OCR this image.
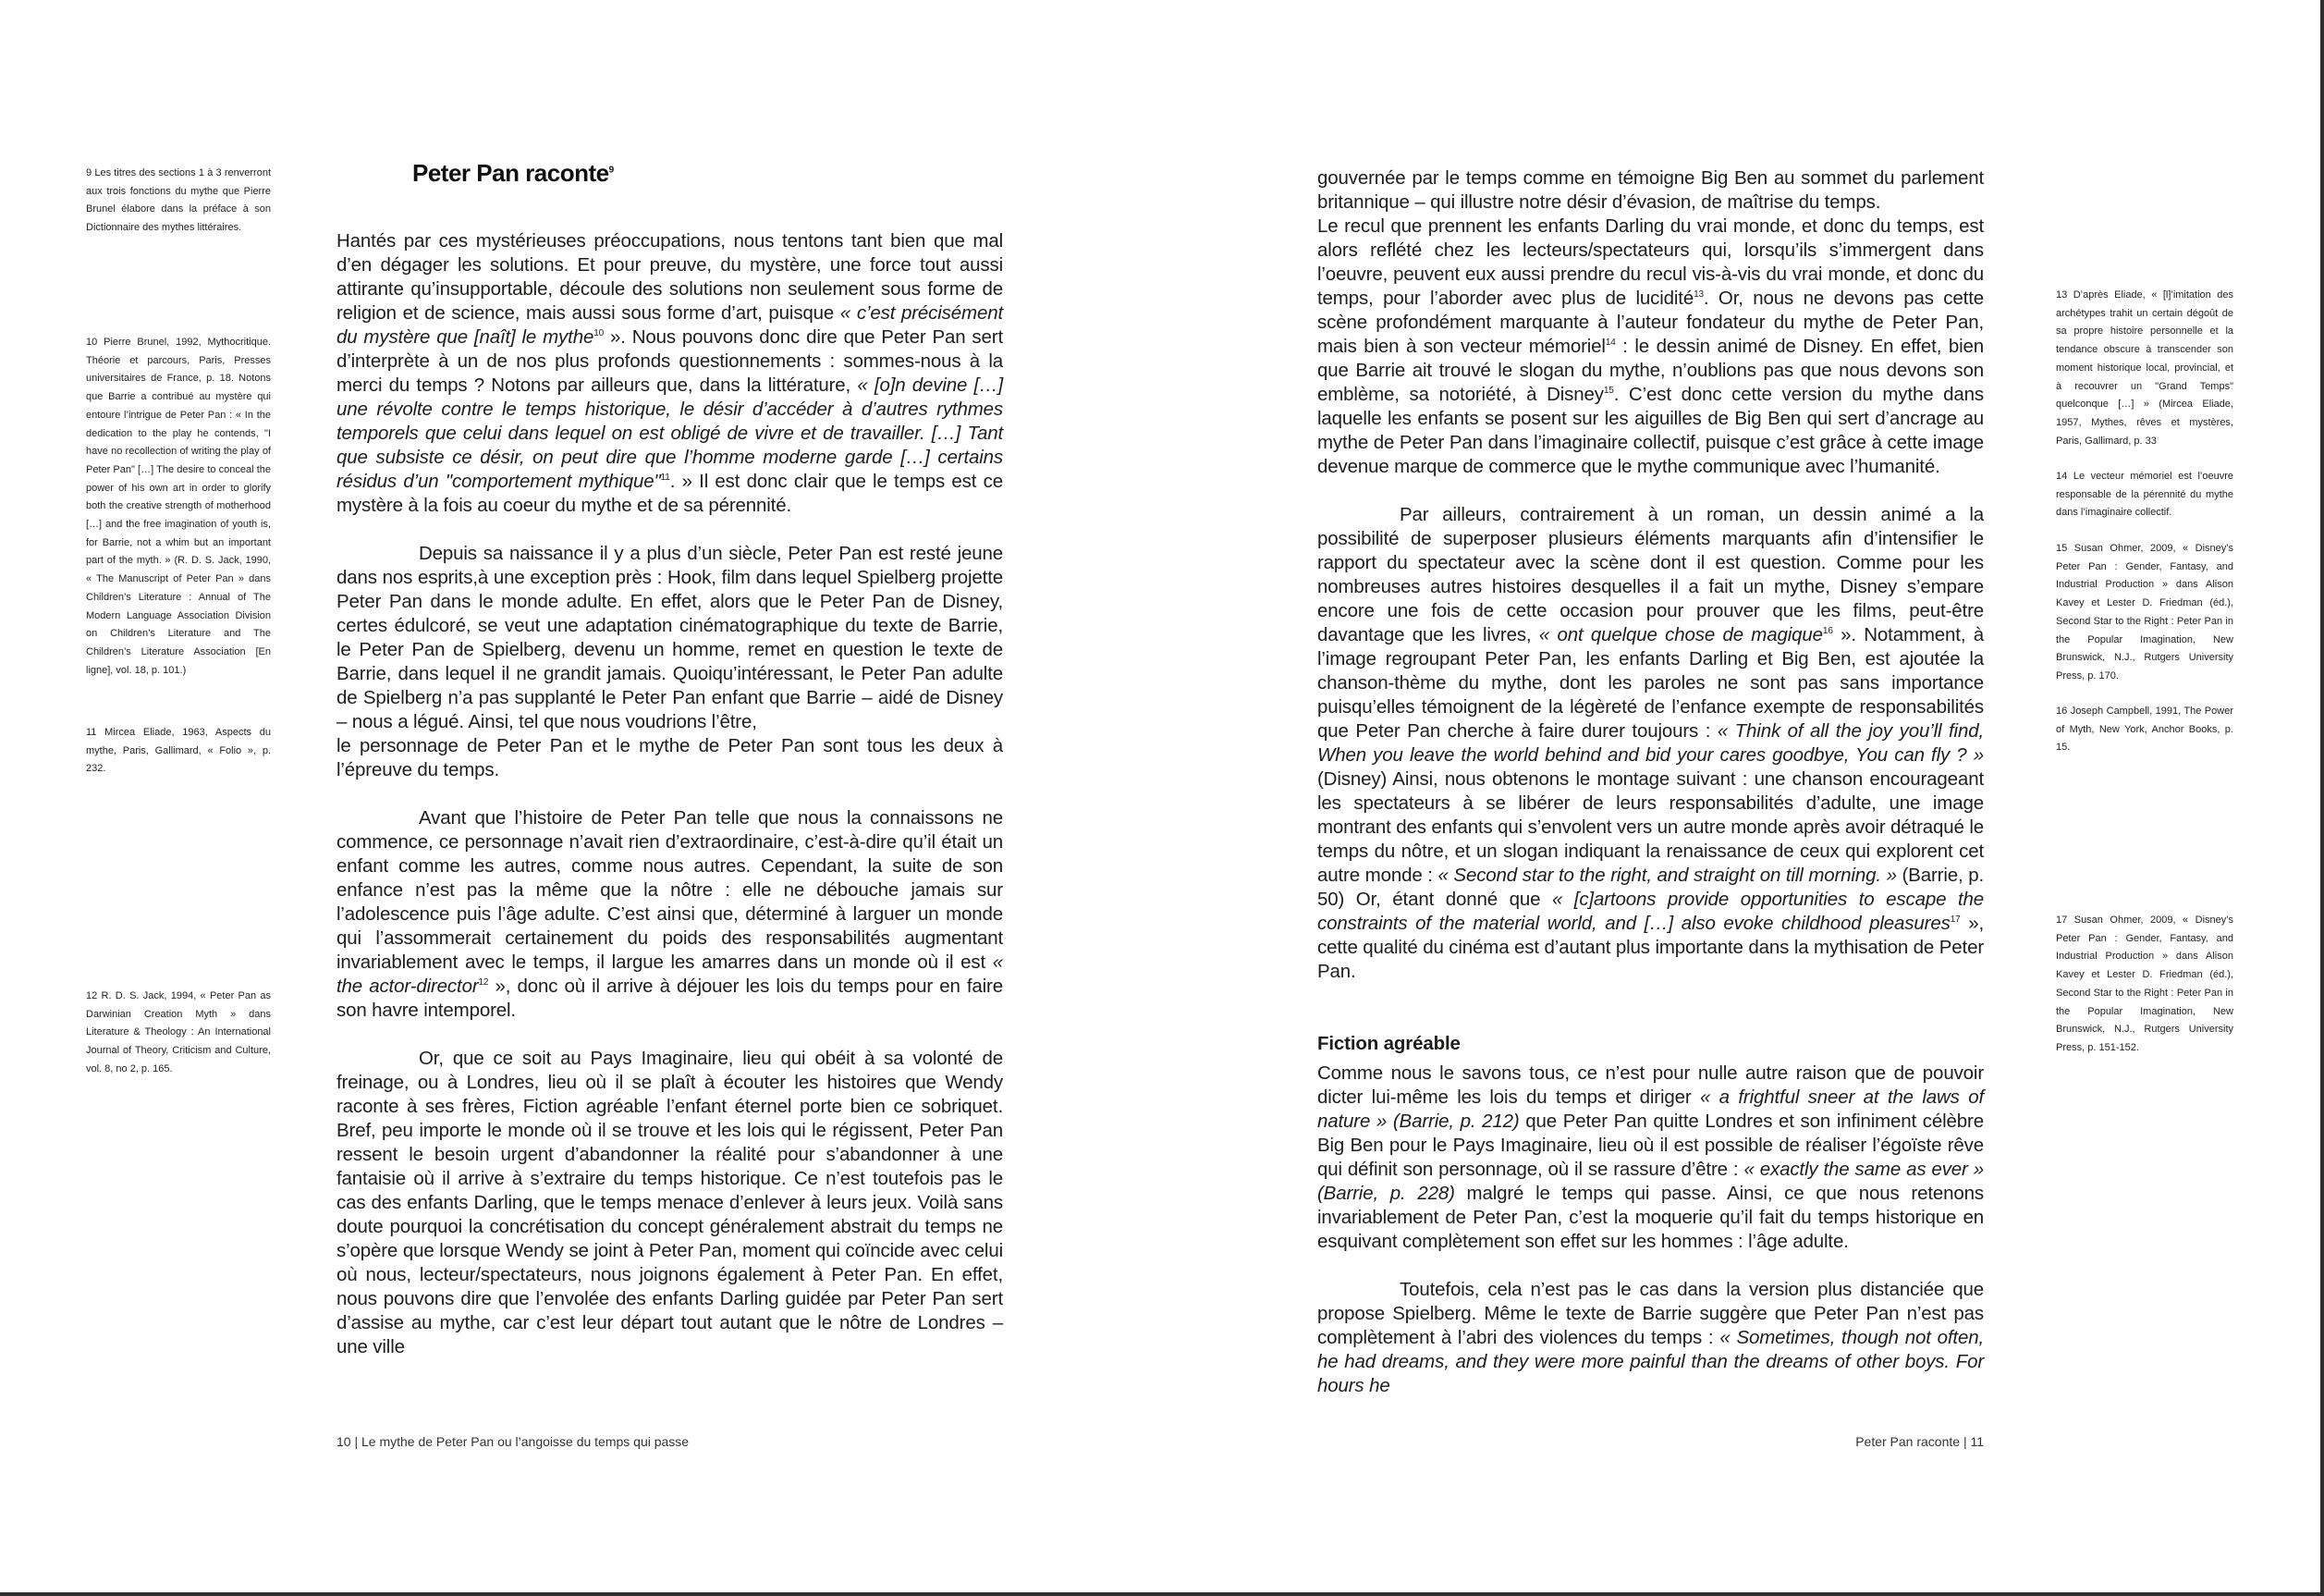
9 Les titres des sections 1 à 3 renverront aux trois fonctions du mythe que Pierre Brunel élabore dans la préface à son Dictionnaire des mythes littéraires.

10 Pierre Brunel, 1992, Mythocritique. Théorie et parcours, Paris, Presses universitaires de France, p. 18. Notons que Barrie a contribué au mystère qui entoure l’intrigue de Peter Pan : « In the dedication to the play he contends, "I have no recollection of writing the play of Peter Pan" […] The desire to conceal the power of his own art in order to glorify both the creative strength of motherhood […] and the free imagination of youth is, for Barrie, not a whim but an important part of the myth. » (R. D. S. Jack, 1990, « The Manuscript of Peter Pan » dans Children’s Literature : Annual of The Modern Language Association Division on Children’s Literature and The Children’s Literature Association [En ligne], vol. 18, p. 101.)

11 Mircea Eliade, 1963, Aspects du mythe, Paris, Gallimard, « Folio », p. 232.

12 R. D. S. Jack, 1994, « Peter Pan as Darwinian Creation Myth » dans Literature & Theology : An International Journal of Theory, Criticism and Culture, vol. 8, no 2, p. 165.

Peter Pan raconte$^9$

Hantés par ces mystérieuses préoccupations, nous tentons tant bien que mal d’en dégager les solutions. Et pour preuve, du mystère, une force tout aussi attirante qu’insupportable, découle des solutions non seulement sous forme de religion et de science, mais aussi sous forme d’art, puisque « c’est précisément du mystère que [naît] le mythe$^{10}$ ». Nous pouvons donc dire que Peter Pan sert d’interprète à un de nos plus profonds questionnements : sommes-nous à la merci du temps ? Notons par ailleurs que, dans la littérature, « [o]n devine […] une révolte contre le temps historique, le désir d’accéder à d’autres rythmes temporels que celui dans lequel on est obligé de vivre et de travailler. […] Tant que subsiste ce désir, on peut dire que l’homme moderne garde […] certains résidus d’un "comportement mythique"$^{11}$. » Il est donc clair que le temps est ce mystère à la fois au coeur du mythe et de sa pérennité.

Depuis sa naissance il y a plus d’un siècle, Peter Pan est resté jeune dans nos esprits,à une exception près : Hook, film dans lequel Spielberg projette Peter Pan dans le monde adulte. En effet, alors que le Peter Pan de Disney, certes édulcoré, se veut une adaptation cinématographique du texte de Barrie, le Peter Pan de Spielberg, devenu un homme, remet en question le texte de Barrie, dans lequel il ne grandit jamais. Quoiqu’intéressant, le Peter Pan adulte de Spielberg n’a pas supplanté le Peter Pan enfant que Barrie – aidé de Disney – nous a légué. Ainsi, tel que nous voudrions l’être,

le personnage de Peter Pan et le mythe de Peter Pan sont tous les deux à l’épreuve du temps.

Avant que l’histoire de Peter Pan telle que nous la connaissons ne commence, ce personnage n’avait rien d’extraordinaire, c’est-à-dire qu’il était un enfant comme les autres, comme nous autres. Cependant, la suite de son enfance n’est pas la même que la nôtre : elle ne débouche jamais sur l’adolescence puis l’âge adulte. C’est ainsi que, déterminé à larguer un monde qui l’assommerait certainement du poids des responsabilités augmentant invariablement avec le temps, il largue les amarres dans un monde où il est « the actor-director$^{12}$ », donc où il arrive à déjouer les lois du temps pour en faire son havre intemporel.

Or, que ce soit au Pays Imaginaire, lieu qui obéit à sa volonté de freinage, ou à Londres, lieu où il se plaît à écouter les histoires que Wendy raconte à ses frères, Fiction agréable l’enfant éternel porte bien ce sobriquet. Bref, peu importe le monde où il se trouve et les lois qui le régissent, Peter Pan ressent le besoin urgent d’abandonner la réalité pour s’abandonner à une fantaisie où il arrive à s’extraire du temps historique. Ce n’est toutefois pas le cas des enfants Darling, que le temps menace d’enlever à leurs jeux. Voilà sans doute pourquoi la concrétisation du concept généralement abstrait du temps ne s’opère que lorsque Wendy se joint à Peter Pan, moment qui coïncide avec celui où nous, lecteur/spectateurs, nous joignons également à Peter Pan. En effet, nous pouvons dire que l’envolée des enfants Darling guidée par Peter Pan sert d’assise au mythe, car c’est leur départ tout autant que le nôtre de Londres – une ville

10 | Le mythe de Peter Pan ou l’angoisse du temps qui passe

gouvernée par le temps comme en témoigne Big Ben au sommet du parlement britannique – qui illustre notre désir d’évasion, de maîtrise du temps.

Le recul que prennent les enfants Darling du vrai monde, et donc du temps, est alors reflété chez les lecteurs/spectateurs qui, lorsqu’ils s’immergent dans l’oeuvre, peuvent eux aussi prendre du recul vis-à-vis du vrai monde, et donc du temps, pour l’aborder avec plus de lucidité$^{13}$. Or, nous ne devons pas cette scène profondément marquante à l’auteur fondateur du mythe de Peter Pan, mais bien à son vecteur mémoriel$^{14}$ : le dessin animé de Disney. En effet, bien que Barrie ait trouvé le slogan du mythe, n’oublions pas que nous devons son emblème, sa notoriété, à Disney$^{15}$. C’est donc cette version du mythe dans laquelle les enfants se posent sur les aiguilles de Big Ben qui sert d’ancrage au mythe de Peter Pan dans l’imaginaire collectif, puisque c’est grâce à cette image devenue marque de commerce que le mythe communique avec l’humanité.

Par ailleurs, contrairement à un roman, un dessin animé a la possibilité de superposer plusieurs éléments marquants afin d’intensifier le rapport du spectateur avec la scène dont il est question. Comme pour les nombreuses autres histoires desquelles il a fait un mythe, Disney s’empare encore une fois de cette occasion pour prouver que les films, peut-être davantage que les livres, « ont quelque chose de magique$^{16}$ ». Notamment, à l’image regroupant Peter Pan, les enfants Darling et Big Ben, est ajoutée la chanson-thème du mythe, dont les paroles ne sont pas sans importance puisqu’elles témoignent de la légèreté de l’enfance exempte de responsabilités que Peter Pan cherche à faire durer toujours : « Think of all the joy you’ll find, When you leave the world behind and bid your cares goodbye, You can fly ? » (Disney) Ainsi, nous obtenons le montage suivant : une chanson encourageant les spectateurs à se libérer de leurs responsabilités d’adulte, une image montrant des enfants qui s’envolent vers un autre monde après avoir détraqué le temps du nôtre, et un slogan indiquant la renaissance de ceux qui explorent cet autre monde : « Second star to the right, and straight on till morning. » (Barrie, p. 50) Or, étant donné que « [c]artoons provide opportunities to escape the constraints of the material world, and […] also evoke childhood pleasures$^{17}$ », cette qualité du cinéma est d’autant plus importante dans la mythisation de Peter Pan.

Fiction agréable

Comme nous le savons tous, ce n’est pour nulle autre raison que de pouvoir dicter lui-même les lois du temps et diriger « a frightful sneer at the laws of nature » (Barrie, p. 212) que Peter Pan quitte Londres et son infiniment célèbre Big Ben pour le Pays Imaginaire, lieu où il est possible de réaliser l’égoïste rêve qui définit son personnage, où il se rassure d’être : « exactly the same as ever » (Barrie, p. 228) malgré le temps qui passe. Ainsi, ce que nous retenons invariablement de Peter Pan, c’est la moquerie qu’il fait du temps historique en esquivant complètement son effet sur les hommes : l’âge adulte.

Toutefois, cela n’est pas le cas dans la version plus distanciée que propose Spielberg. Même le texte de Barrie suggère que Peter Pan n’est pas complètement à l’abri des violences du temps : « Sometimes, though not often, he had dreams, and they were more painful than the dreams of other boys. For hours he

13 D’après Eliade, « [l]’imitation des archétypes trahit un certain dégoût de sa propre histoire personnelle et la tendance obscure à transcender son moment historique local, provincial, et à recouvrer un "Grand Temps" quelconque […] » (Mircea Eliade, 1957, Mythes, rêves et mystères, Paris, Gallimard, p. 33

14 Le vecteur mémoriel est l’oeuvre responsable de la pérennité du mythe dans l’imaginaire collectif.

15 Susan Ohmer, 2009, « Disney’s Peter Pan : Gender, Fantasy, and Industrial Production » dans Alison Kavey et Lester D. Friedman (éd.), Second Star to the Right : Peter Pan in the Popular Imagination, New Brunswick, N.J., Rutgers University Press, p. 170.

16 Joseph Campbell, 1991, The Power of Myth, New York, Anchor Books, p. 15.

17 Susan Ohmer, 2009, « Disney’s Peter Pan : Gender, Fantasy, and Industrial Production » dans Alison Kavey et Lester D. Friedman (éd.), Second Star to the Right : Peter Pan in the Popular Imagination, New Brunswick, N.J., Rutgers University Press, p. 151-152.

Peter Pan raconte | 11
